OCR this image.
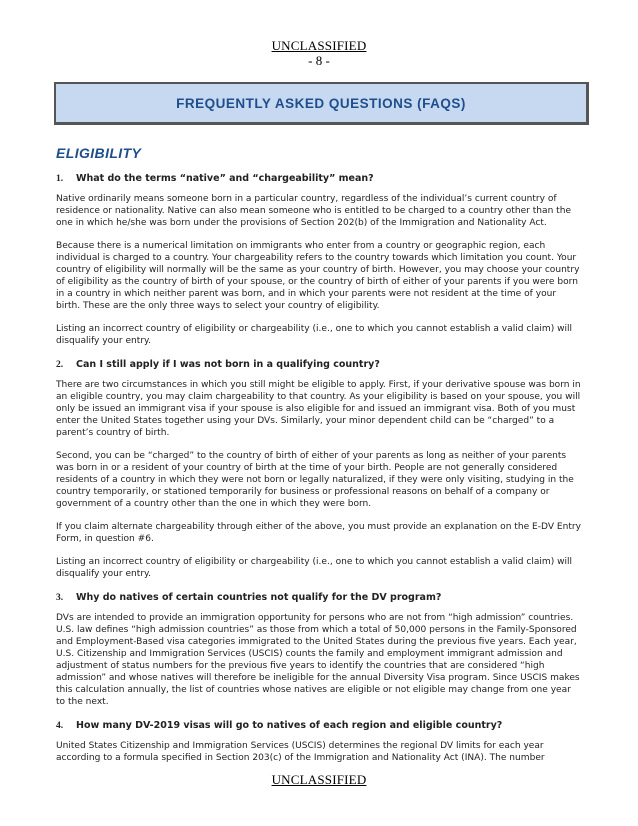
UNCLASSIFIED
- 8 -
FREQUENTLY ASKED QUESTIONS (FAQS)
ELIGIBILITY
1.	What do the terms “native” and “chargeability” mean?

Native ordinarily means someone born in a particular country, regardless of the individual’s current country of residence or nationality. Native can also mean someone who is entitled to be charged to a country other than the one in which he/she was born under the provisions of Section 202(b) of the Immigration and Nationality Act.

Because there is a numerical limitation on immigrants who enter from a country or geographic region, each individual is charged to a country. Your chargeability refers to the country towards which limitation you count. Your country of eligibility will normally will be the same as your country of birth. However, you may choose your country of eligibility as the country of birth of your spouse, or the country of birth of either of your parents if you were born in a country in which neither parent was born, and in which your parents were not resident at the time of your birth. These are the only three ways to select your country of eligibility.

Listing an incorrect country of eligibility or chargeability (i.e., one to which you cannot establish a valid claim) will disqualify your entry.

2.	Can I still apply if I was not born in a qualifying country?

There are two circumstances in which you still might be eligible to apply. First, if your derivative spouse was born in an eligible country, you may claim chargeability to that country. As your eligibility is based on your spouse, you will only be issued an immigrant visa if your spouse is also eligible for and issued an immigrant visa. Both of you must enter the United States together using your DVs. Similarly, your minor dependent child can be “charged” to a parent’s country of birth.

Second, you can be “charged” to the country of birth of either of your parents as long as neither of your parents was born in or a resident of your country of birth at the time of your birth. People are not generally considered residents of a country in which they were not born or legally naturalized, if they were only visiting, studying in the country temporarily, or stationed temporarily for business or professional reasons on behalf of a company or government of a country other than the one in which they were born.

If you claim alternate chargeability through either of the above, you must provide an explanation on the E-DV Entry Form, in question #6.

Listing an incorrect country of eligibility or chargeability (i.e., one to which you cannot establish a valid claim) will disqualify your entry.

3.	Why do natives of certain countries not qualify for the DV program?

DVs are intended to provide an immigration opportunity for persons who are not from “high admission” countries. U.S. law defines “high admission countries” as those from which a total of 50,000 persons in the Family-Sponsored and Employment-Based visa categories immigrated to the United States during the previous five years. Each year, U.S. Citizenship and Immigration Services (USCIS) counts the family and employment immigrant admission and adjustment of status numbers for the previous five years to identify the countries that are considered “high admission” and whose natives will therefore be ineligible for the annual Diversity Visa program. Since USCIS makes this calculation annually, the list of countries whose natives are eligible or not eligible may change from one year to the next.

4.	How many DV-2019 visas will go to natives of each region and eligible country?

United States Citizenship and Immigration Services (USCIS) determines the regional DV limits for each year according to a formula specified in Section 203(c) of the Immigration and Nationality Act (INA). The number

UNCLASSIFIED
